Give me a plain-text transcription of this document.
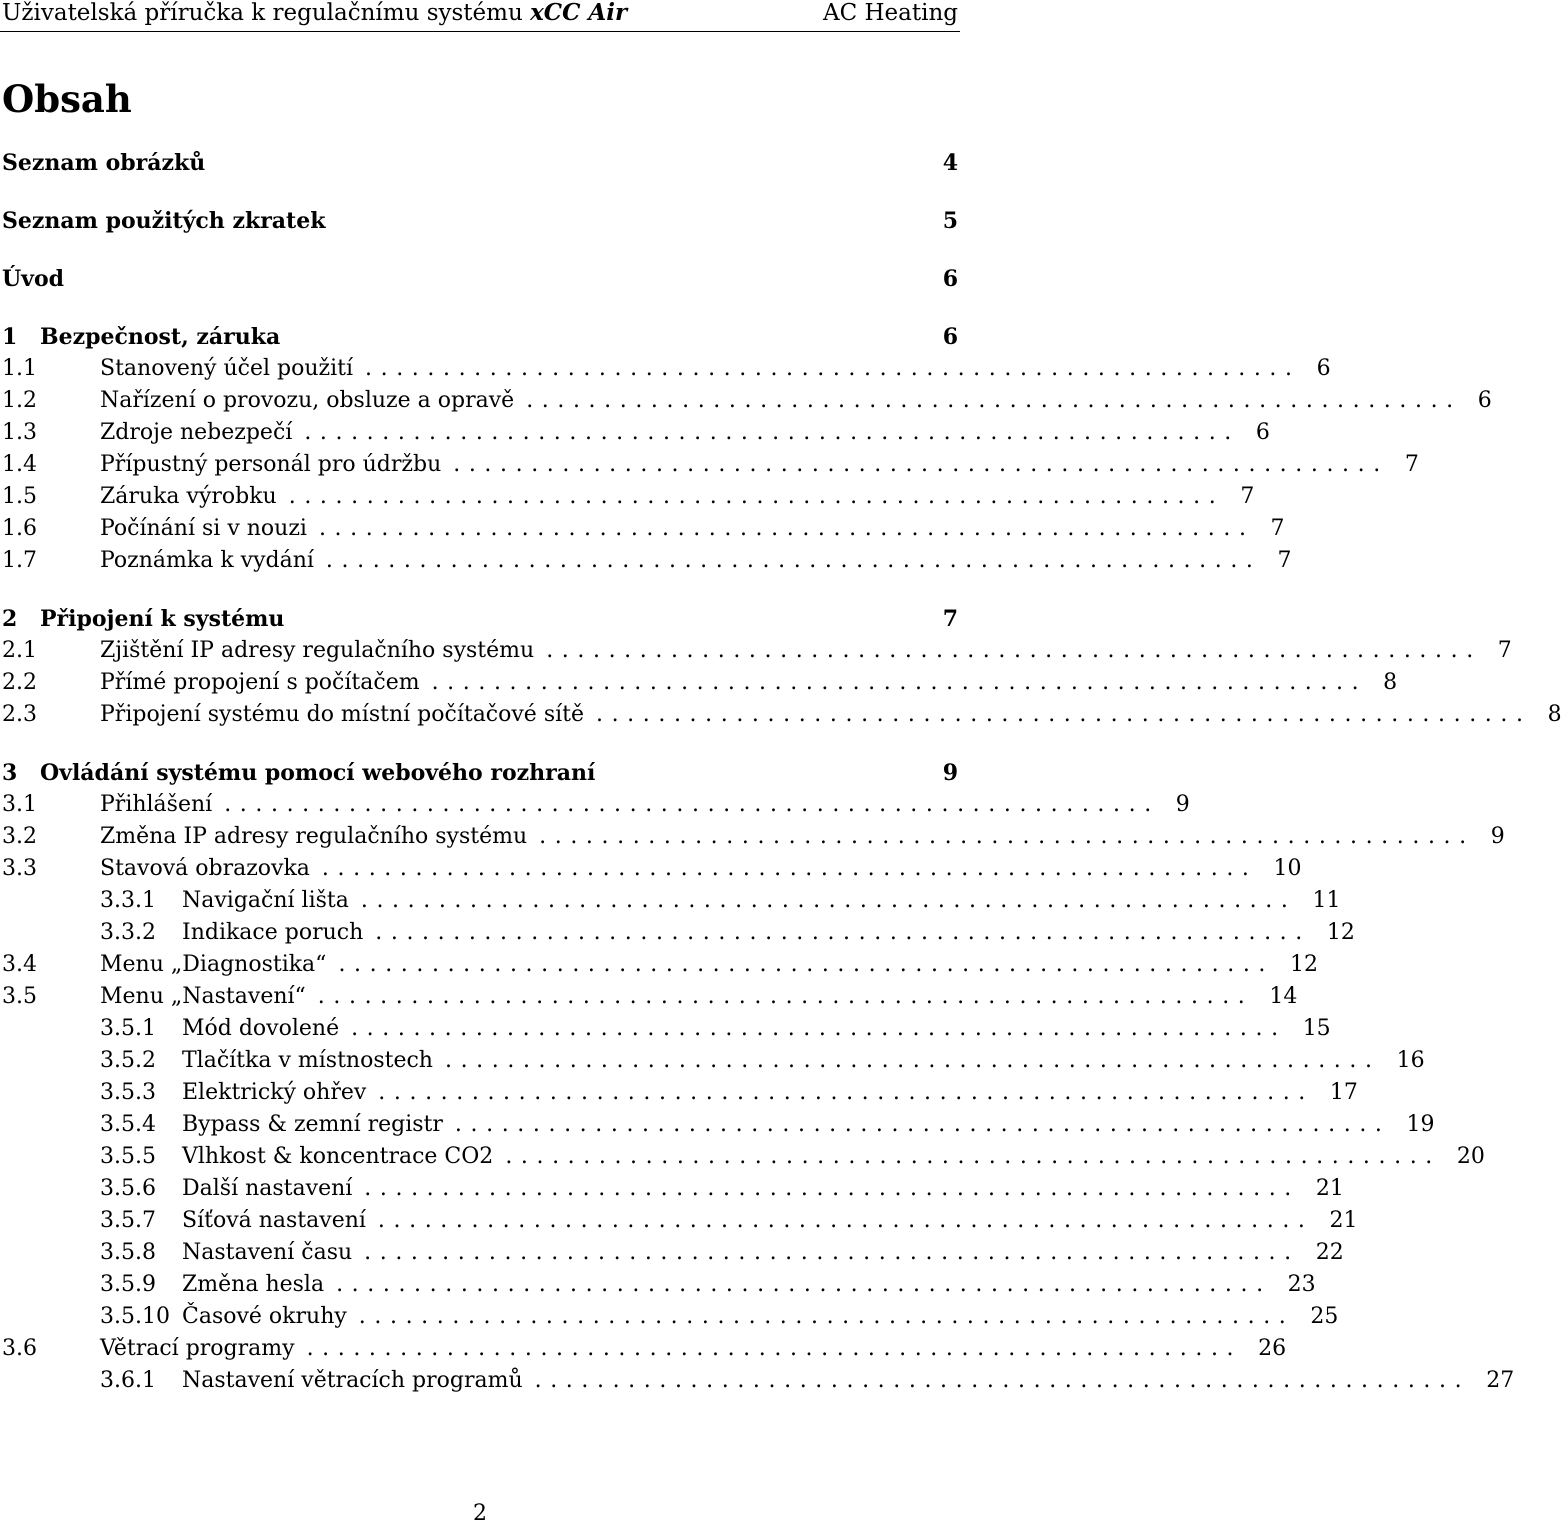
Uživatelská příručka k regulačnímu systému xCC Air	AC Heating
Obsah
Seznam obrázků	4
Seznam použitých zkratek	5
Úvod	6
1	Bezpečnost, záruka	6
1.1	Stanovený účel použití ............................................................ 6
1.2	Nařízení o provozu, obsluze a opravě ............................................................ 6
1.3	Zdroje nebezpečí ............................................................ 6
1.4	Přípustný personál pro údržbu ............................................................ 7
1.5	Záruka výrobku ............................................................ 7
1.6	Počínání si v nouzi ............................................................ 7
1.7	Poznámka k vydání ............................................................ 7
2	Připojení k systému	7
2.1	Zjištění IP adresy regulačního systému ............................................................ 7
2.2	Přímé propojení s počítačem ............................................................ 8
2.3	Připojení systému do místní počítačové sítě ............................................................ 8
3	Ovládání systému pomocí webového rozhraní	9
3.1	Přihlášení ............................................................ 9
3.2	Změna IP adresy regulačního systému ............................................................ 9
3.3	Stavová obrazovka ............................................................ 10
3.3.1	Navigační lišta ............................................................ 11
3.3.2	Indikace poruch ............................................................ 12
3.4	Menu „Diagnostika“ ............................................................ 12
3.5	Menu „Nastavení“ ............................................................ 14
3.5.1	Mód dovolené ............................................................ 15
3.5.2	Tlačítka v místnostech ............................................................ 16
3.5.3	Elektrický ohřev ............................................................ 17
3.5.4	Bypass & zemní registr ............................................................ 19
3.5.5	Vlhkost & koncentrace CO2 ............................................................ 20
3.5.6	Další nastavení ............................................................ 21
3.5.7	Síťová nastavení ............................................................ 21
3.5.8	Nastavení času ............................................................ 22
3.5.9	Změna hesla ............................................................ 23
3.5.10 Časové okruhy ............................................................ 25
3.6	Větrací programy ............................................................ 26
3.6.1	Nastavení větracích programů ............................................................ 27
2
